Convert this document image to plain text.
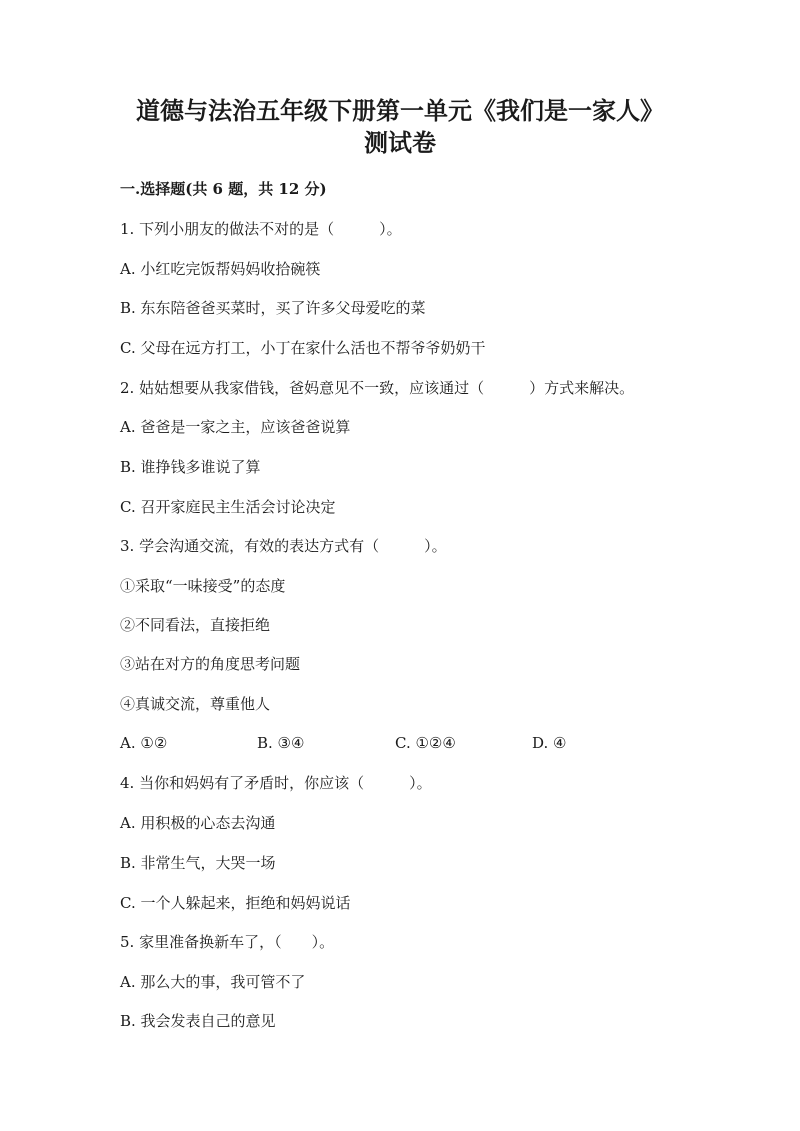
道德与法治五年级下册第一单元《我们是一家人》
测试卷
一.选择题(共 6 题，共 12 分)
1. 下列小朋友的做法不对的是（　　　）。
A. 小红吃完饭帮妈妈收拾碗筷
B. 东东陪爸爸买菜时，买了许多父母爱吃的菜
C. 父母在远方打工，小丁在家什么活也不帮爷爷奶奶干
2. 姑姑想要从我家借钱，爸妈意见不一致，应该通过（　　　）方式来解决。
A. 爸爸是一家之主，应该爸爸说算
B. 谁挣钱多谁说了算
C. 召开家庭民主生活会讨论决定
3. 学会沟通交流，有效的表达方式有（　　　）。
①采取“一味接受”的态度
②不同看法，直接拒绝
③站在对方的角度思考问题
④真诚交流，尊重他人
A. ①②	B. ③④	C. ①②④	D. ④
4. 当你和妈妈有了矛盾时，你应该（　　　）。
A. 用积极的心态去沟通
B. 非常生气，大哭一场
C. 一个人躲起来，拒绝和妈妈说话
5. 家里准备换新车了，（　　）。
A. 那么大的事，我可管不了
B. 我会发表自己的意见
